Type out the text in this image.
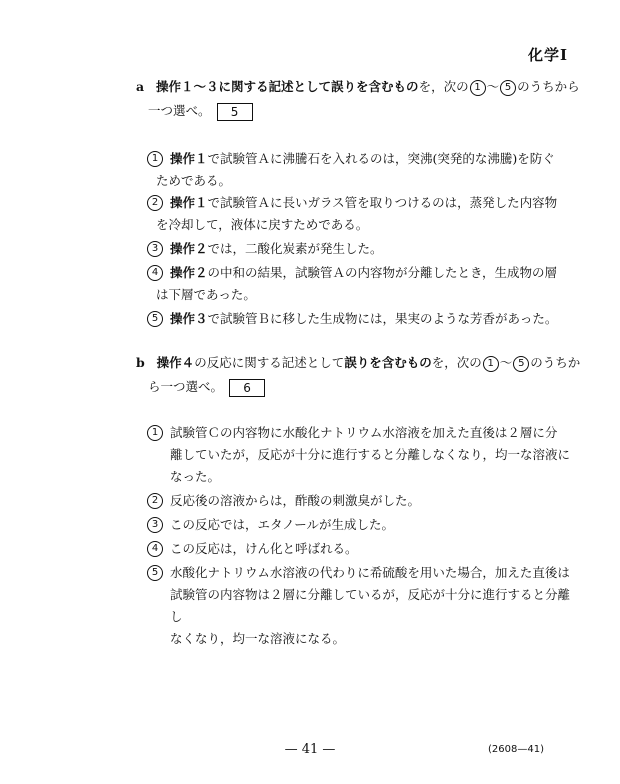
化学Ⅰ
a 操作１～３に関する記述として誤りを含むものを，次の 1 ～ 5 のうちから
一つ選べ。 5
1 操作１で試験管Ａに沸騰石を入れるのは，突沸(突発的な沸騰)を防ぐ
ためである。
2 操作１で試験管Ａに長いガラス管を取りつけるのは，蒸発した内容物
を冷却して，液体に戻すためである。
3 操作２では，二酸化炭素が発生した。
4 操作２の中和の結果，試験管Ａの内容物が分離したとき，生成物の層
は下層であった。
5 操作３で試験管Ｂに移した生成物には，果実のような芳香があった。
b 操作４の反応に関する記述として誤りを含むものを，次の 1 ～ 5 のうちか
ら一つ選べ。 6
1 試験管Ｃの内容物に水酸化ナトリウム水溶液を加えた直後は２層に分
離していたが，反応が十分に進行すると分離しなくなり，均一な溶液に
なった。
2 反応後の溶液からは，酢酸の刺激臭がした。
3 この反応では，エタノールが生成した。
4 この反応は，けん化と呼ばれる。
5 水酸化ナトリウム水溶液の代わりに希硫酸を用いた場合，加えた直後は
試験管の内容物は２層に分離しているが，反応が十分に進行すると分離し
なくなり，均一な溶液になる。
— 41 —	(2608—41)
